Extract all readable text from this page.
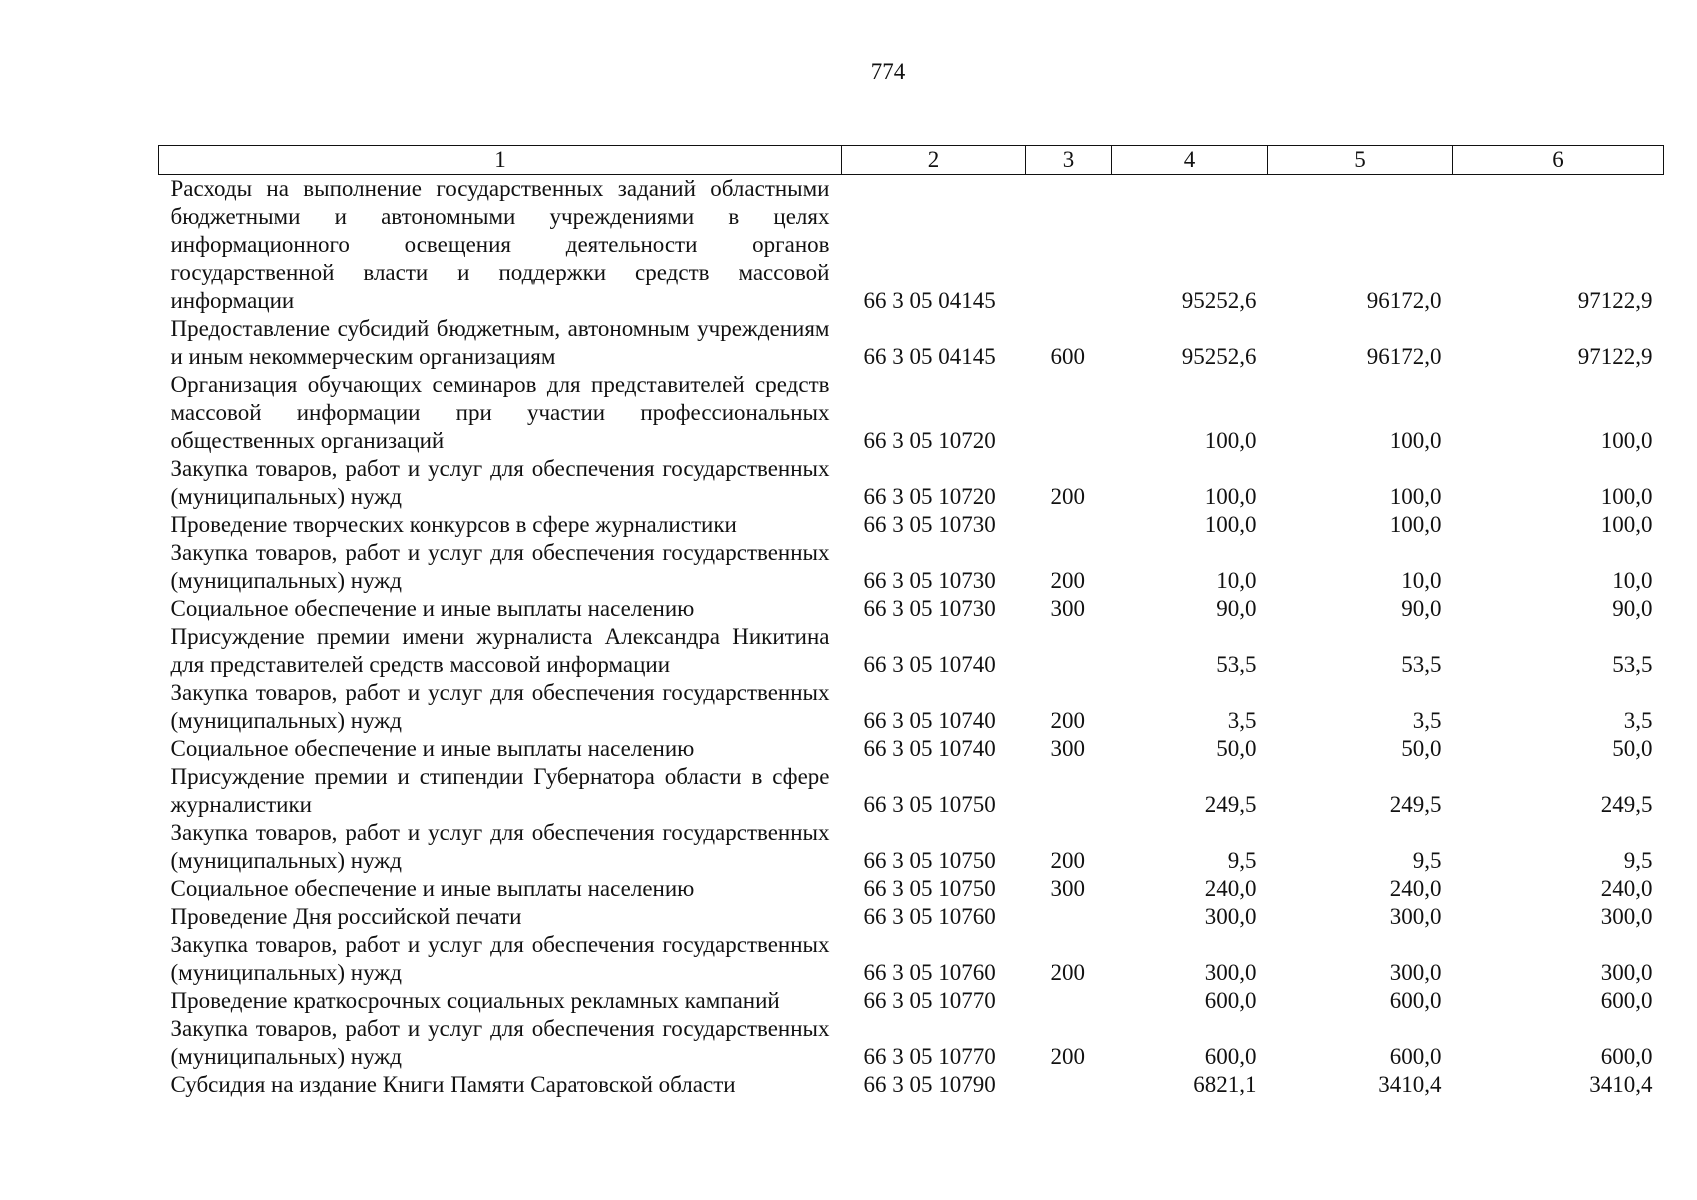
774
1	2	3	4	5	6
Расходы на выполнение государственных заданий областными бюджетными и автономными учреждениями в целях информационного освещения деятельности органов государственной власти и поддержки средств массовой информации	66 3 05 04145		95252,6	96172,0	97122,9
Предоставление субсидий бюджетным, автономным учреждениям и иным некоммерческим организациям	66 3 05 04145	600	95252,6	96172,0	97122,9
Организация обучающих семинаров для представителей средств массовой информации при участии профессиональных общественных организаций	66 3 05 10720		100,0	100,0	100,0
Закупка товаров, работ и услуг для обеспечения государственных (муниципальных) нужд	66 3 05 10720	200	100,0	100,0	100,0
Проведение творческих конкурсов в сфере журналистики	66 3 05 10730		100,0	100,0	100,0
Закупка товаров, работ и услуг для обеспечения государственных (муниципальных) нужд	66 3 05 10730	200	10,0	10,0	10,0
Социальное обеспечение и иные выплаты населению	66 3 05 10730	300	90,0	90,0	90,0
Присуждение премии имени журналиста Александра Никитина для представителей средств массовой информации	66 3 05 10740		53,5	53,5	53,5
Закупка товаров, работ и услуг для обеспечения государственных (муниципальных) нужд	66 3 05 10740	200	3,5	3,5	3,5
Социальное обеспечение и иные выплаты населению	66 3 05 10740	300	50,0	50,0	50,0
Присуждение премии и стипендии Губернатора области в сфере журналистики	66 3 05 10750		249,5	249,5	249,5
Закупка товаров, работ и услуг для обеспечения государственных (муниципальных) нужд	66 3 05 10750	200	9,5	9,5	9,5
Социальное обеспечение и иные выплаты населению	66 3 05 10750	300	240,0	240,0	240,0
Проведение Дня российской печати	66 3 05 10760		300,0	300,0	300,0
Закупка товаров, работ и услуг для обеспечения государственных (муниципальных) нужд	66 3 05 10760	200	300,0	300,0	300,0
Проведение краткосрочных социальных рекламных кампаний	66 3 05 10770		600,0	600,0	600,0
Закупка товаров, работ и услуг для обеспечения государственных (муниципальных) нужд	66 3 05 10770	200	600,0	600,0	600,0
Субсидия на издание Книги Памяти Саратовской области	66 3 05 10790		6821,1	3410,4	3410,4
